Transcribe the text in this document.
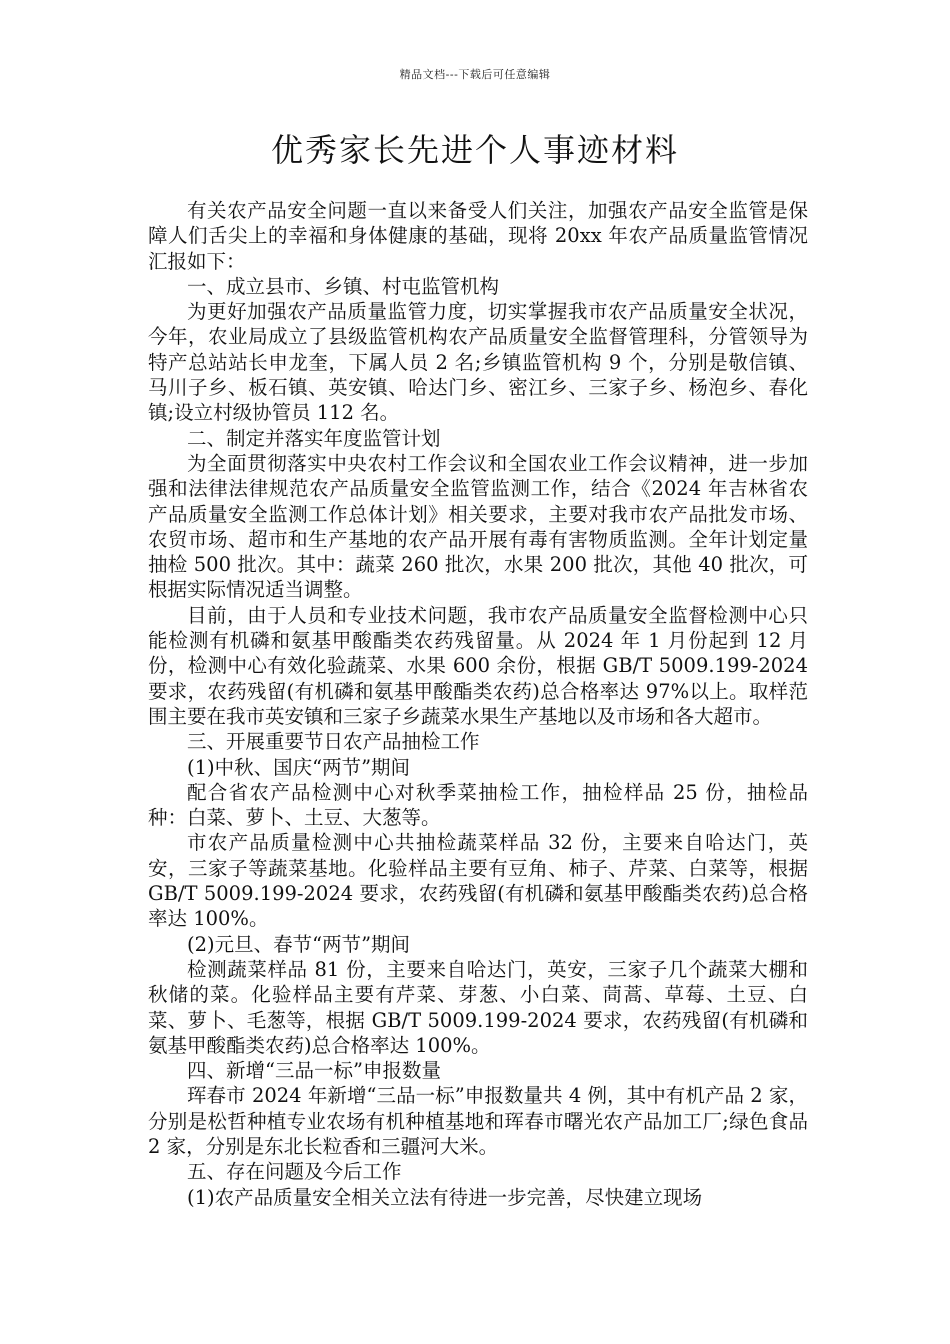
精品文档---下载后可任意编辑
优秀家长先进个人事迹材料

有关农产品安全问题一直以来备受人们关注，加强农产品安全监管是保障人们舌尖上的幸福和身体健康的基础，现将 20xx 年农产品质量监管情况汇报如下：

一、成立县市、乡镇、村屯监管机构

为更好加强农产品质量监管力度，切实掌握我市农产品质量安全状况，今年，农业局成立了县级监管机构农产品质量安全监督管理科，分管领导为特产总站站长申龙奎，下属人员 2 名;乡镇监管机构 9 个，分别是敬信镇、马川子乡、板石镇、英安镇、哈达门乡、密江乡、三家子乡、杨泡乡、春化镇;设立村级协管员 112 名。

二、制定并落实年度监管计划

为全面贯彻落实中央农村工作会议和全国农业工作会议精神，进一步加强和法律法律规范农产品质量安全监管监测工作，结合《2024 年吉林省农产品质量安全监测工作总体计划》相关要求，主要对我市农产品批发市场、农贸市场、超市和生产基地的农产品开展有毒有害物质监测。全年计划定量抽检 500 批次。其中：蔬菜 260 批次，水果 200 批次，其他 40 批次，可根据实际情况适当调整。

目前，由于人员和专业技术问题，我市农产品质量安全监督检测中心只能检测有机磷和氨基甲酸酯类农药残留量。从 2024 年 1 月份起到 12 月份，检测中心有效化验蔬菜、水果 600 余份，根据 GB/T 5009.199-2024 要求，农药残留(有机磷和氨基甲酸酯类农药)总合格率达 97%以上。取样范围主要在我市英安镇和三家子乡蔬菜水果生产基地以及市场和各大超市。

三、开展重要节日农产品抽检工作

(1)中秋、国庆“两节”期间

配合省农产品检测中心对秋季菜抽检工作，抽检样品 25 份，抽检品种：白菜、萝卜、土豆、大葱等。

市农产品质量检测中心共抽检蔬菜样品 32 份，主要来自哈达门，英安，三家子等蔬菜基地。化验样品主要有豆角、柿子、芹菜、白菜等，根据 GB/T 5009.199-2024 要求，农药残留(有机磷和氨基甲酸酯类农药)总合格率达 100%。

(2)元旦、春节“两节”期间

检测蔬菜样品 81 份，主要来自哈达门，英安，三家子几个蔬菜大棚和秋储的菜。化验样品主要有芹菜、芽葱、小白菜、茼蒿、草莓、土豆、白菜、萝卜、毛葱等，根据 GB/T 5009.199-2024 要求，农药残留(有机磷和氨基甲酸酯类农药)总合格率达 100%。

四、新增“三品一标”申报数量

珲春市 2024 年新增“三品一标”申报数量共 4 例，其中有机产品 2 家，分别是松哲种植专业农场有机种植基地和珲春市曙光农产品加工厂;绿色食品 2 家，分别是东北长粒香和三疆河大米。

五、存在问题及今后工作

(1)农产品质量安全相关立法有待进一步完善，尽快建立现场
